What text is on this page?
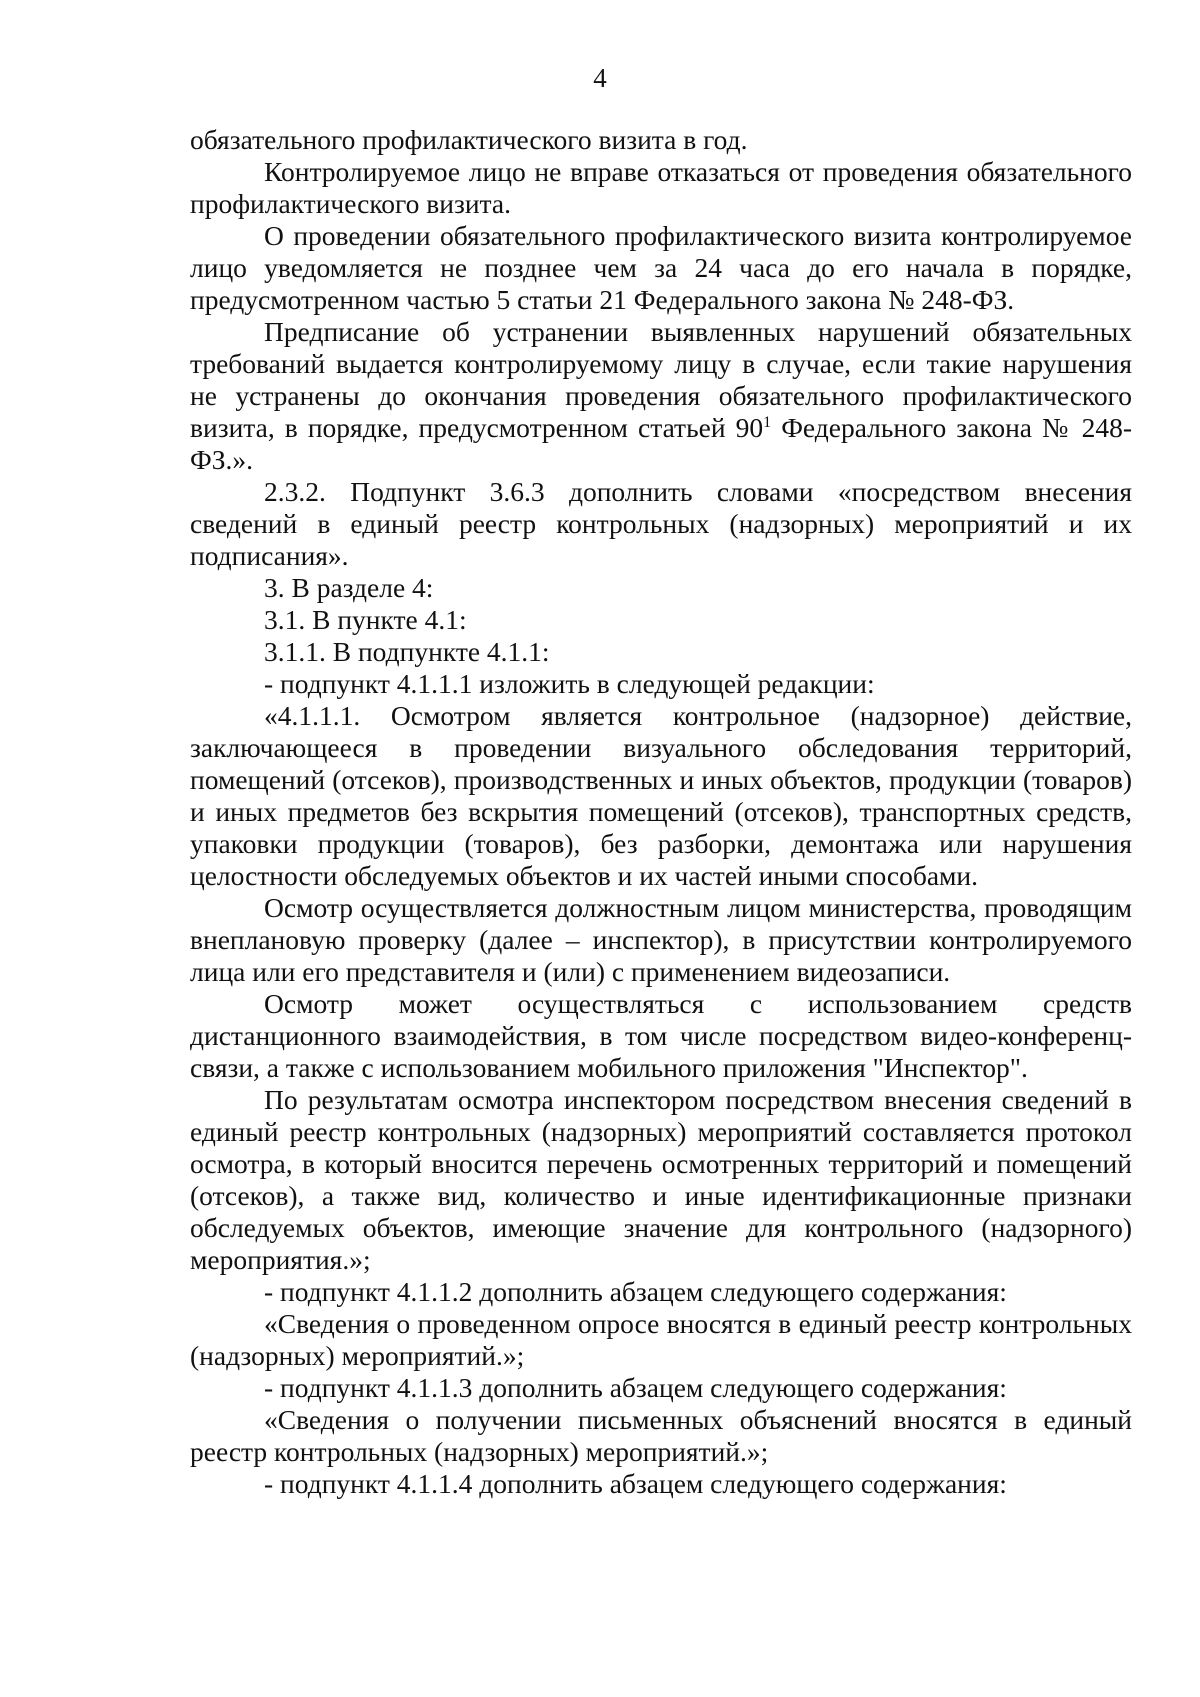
4

обязательного профилактического визита в год.

Контролируемое лицо не вправе отказаться от проведения обязательного профилактического визита.

О проведении обязательного профилактического визита контролируемое лицо уведомляется не позднее чем за 24 часа до его начала в порядке, предусмотренном частью 5 статьи 21 Федерального закона № 248-ФЗ.

Предписание об устранении выявленных нарушений обязательных требований выдается контролируемому лицу в случае, если такие нарушения не устранены до окончания проведения обязательного профилактического визита, в порядке, предусмотренном статьей $90^1$ Федерального закона № 248-ФЗ.».

2.3.2. Подпункт 3.6.3 дополнить словами «посредством внесения сведений в единый реестр контрольных (надзорных) мероприятий и их подписания».

3. В разделе 4:

3.1. В пункте 4.1:

3.1.1. В подпункте 4.1.1:

- подпункт 4.1.1.1 изложить в следующей редакции:

«4.1.1.1. Осмотром является контрольное (надзорное) действие, заключающееся в проведении визуального обследования территорий, помещений (отсеков), производственных и иных объектов, продукции (товаров) и иных предметов без вскрытия помещений (отсеков), транспортных средств, упаковки продукции (товаров), без разборки, демонтажа или нарушения целостности обследуемых объектов и их частей иными способами.

Осмотр осуществляется должностным лицом министерства, проводящим внеплановую проверку (далее – инспектор), в присутствии контролируемого лица или его представителя и (или) с применением видеозаписи.

Осмотр может осуществляться с использованием средств дистанционного взаимодействия, в том числе посредством видео-конференц-связи, а также с использованием мобильного приложения "Инспектор".

По результатам осмотра инспектором посредством внесения сведений в единый реестр контрольных (надзорных) мероприятий составляется протокол осмотра, в который вносится перечень осмотренных территорий и помещений (отсеков), а также вид, количество и иные идентификационные признаки обследуемых объектов, имеющие значение для контрольного (надзорного) мероприятия.»;

- подпункт 4.1.1.2 дополнить абзацем следующего содержания:

«Сведения о проведенном опросе вносятся в единый реестр контрольных (надзорных) мероприятий.»;

- подпункт 4.1.1.3 дополнить абзацем следующего содержания:

«Сведения о получении письменных объяснений вносятся в единый реестр контрольных (надзорных) мероприятий.»;

- подпункт 4.1.1.4 дополнить абзацем следующего содержания:
